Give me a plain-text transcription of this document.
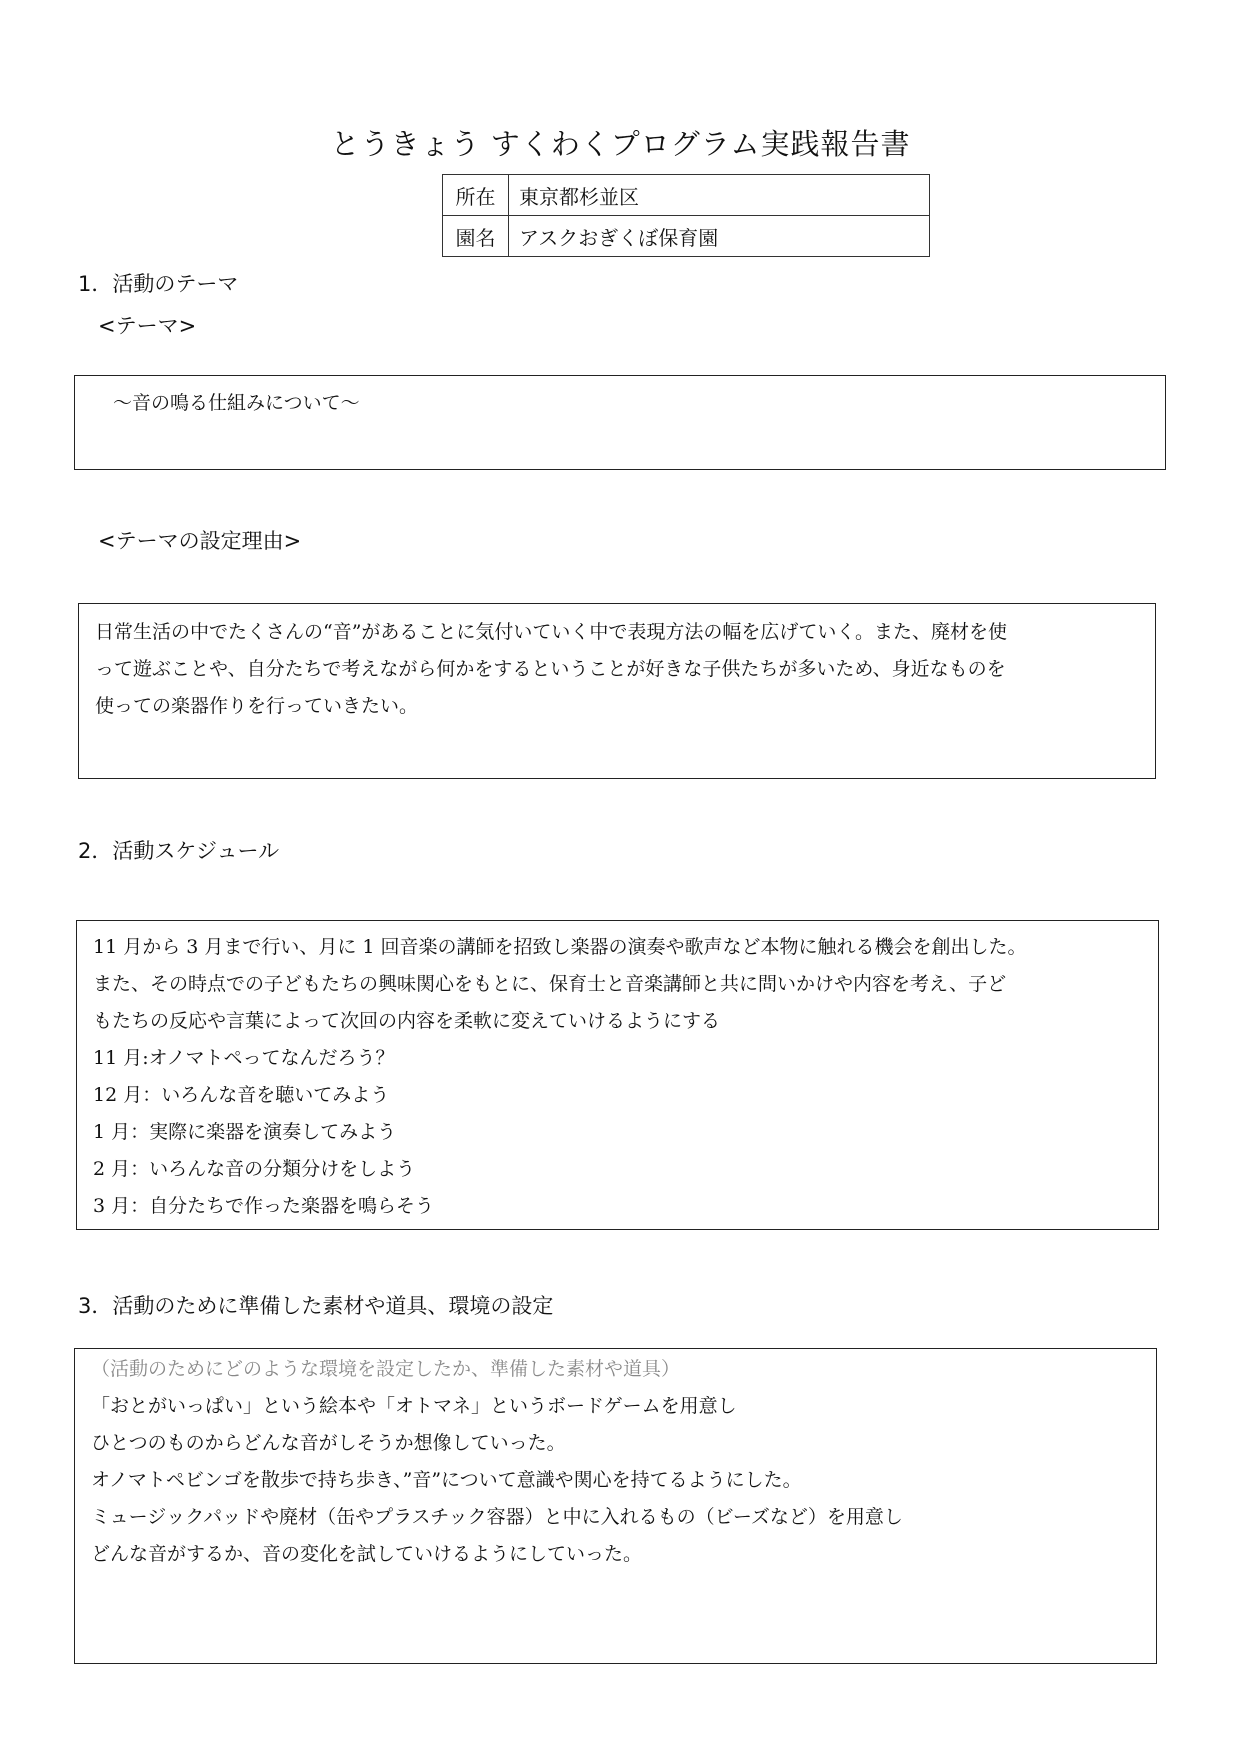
とうきょう すくわくプログラム実践報告書
所在	東京都杉並区
園名	アスクおぎくぼ保育園
1．活動のテーマ
<テーマ>
～音の鳴る仕組みについて～
<テーマの設定理由>
日常生活の中でたくさんの“音”があることに気付いていく中で表現方法の幅を広げていく。また、廃材を使
って遊ぶことや、自分たちで考えながら何かをするということが好きな子供たちが多いため、身近なものを
使っての楽器作りを行っていきたい。
2．活動スケジュール
11 月から 3 月まで行い、月に 1 回音楽の講師を招致し楽器の演奏や歌声など本物に触れる機会を創出した。
また、その時点での子どもたちの興味関心をもとに、保育士と音楽講師と共に問いかけや内容を考え、子ど
もたちの反応や言葉によって次回の内容を柔軟に変えていけるようにする
11 月:オノマトペってなんだろう？
12 月：いろんな音を聴いてみよう
1 月：実際に楽器を演奏してみよう
2 月：いろんな音の分類分けをしよう
3 月：自分たちで作った楽器を鳴らそう
3．活動のために準備した素材や道具、環境の設定
（活動のためにどのような環境を設定したか、準備した素材や道具）
「おとがいっぱい」という絵本や「オトマネ」というボードゲームを用意し
ひとつのものからどんな音がしそうか想像していった。
オノマトペビンゴを散歩で持ち歩き、”音”について意識や関心を持てるようにした。
ミュージックパッドや廃材（缶やプラスチック容器）と中に入れるもの（ビーズなど）を用意し
どんな音がするか、音の変化を試していけるようにしていった。
